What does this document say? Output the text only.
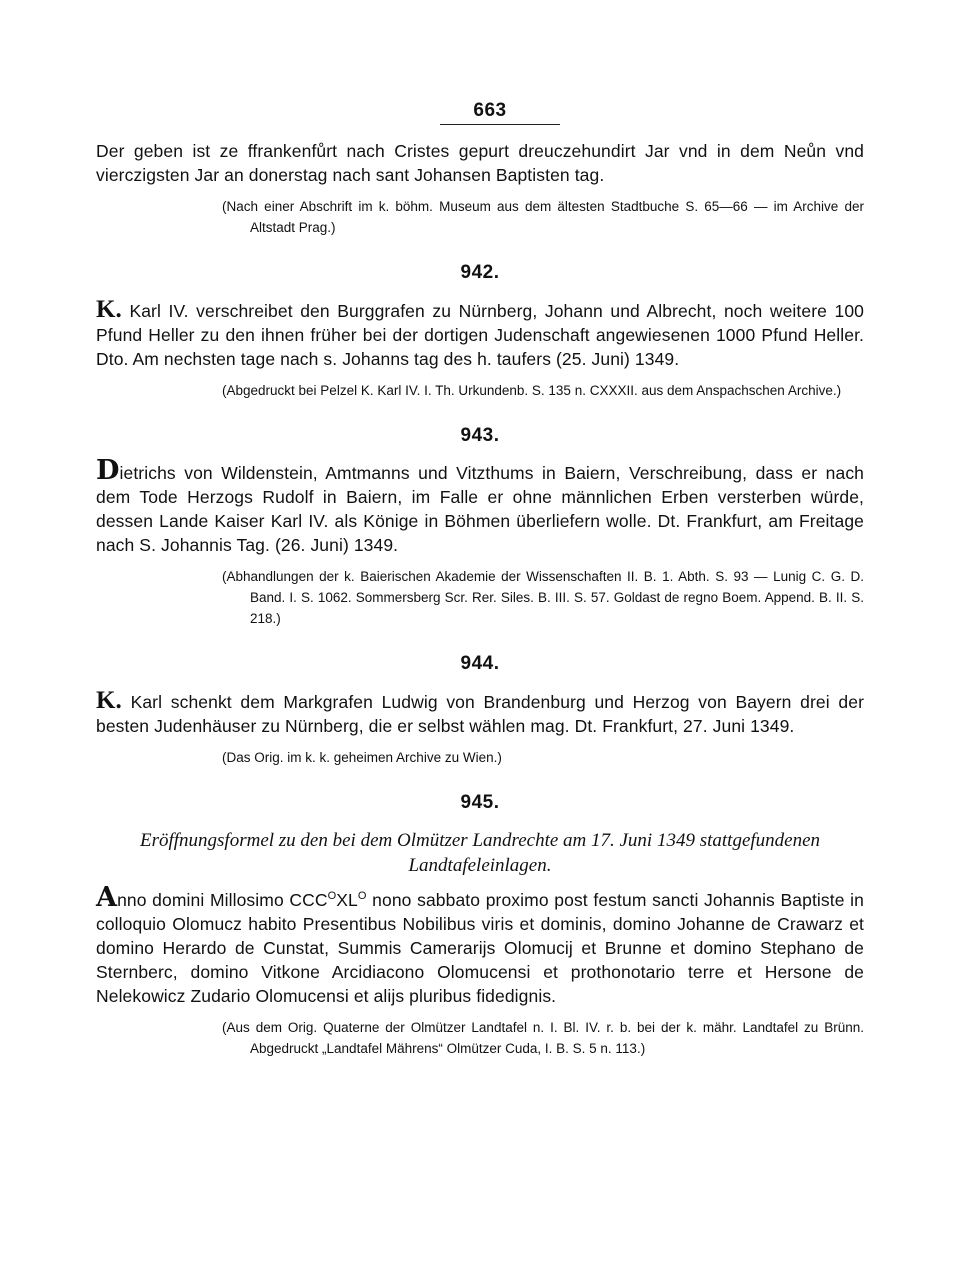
663

Der geben ist ze ffrankenfůrt nach Cristes gepurt dreuczehundirt Jar vnd in dem Neůn vnd vierczigsten Jar an donerstag nach sant Johansen Baptisten tag.

(Nach einer Abschrift im k. böhm. Museum aus dem ältesten Stadtbuche S. 65—66 — im Archive der Altstadt Prag.)

942.

K. Karl IV. verschreibet den Burggrafen zu Nürnberg, Johann und Albrecht, noch weitere 100 Pfund Heller zu den ihnen früher bei der dortigen Judenschaft angewiesenen 1000 Pfund Heller. Dto. Am nechsten tage nach s. Johanns tag des h. taufers (25. Juni) 1349.

(Abgedruckt bei Pelzel K. Karl IV. I. Th. Urkundenb. S. 135 n. CXXXII. aus dem Anspachschen Archive.)

943.

Dietrichs von Wildenstein, Amtmanns und Vitzthums in Baiern, Verschreibung, dass er nach dem Tode Herzogs Rudolf in Baiern, im Falle er ohne männlichen Erben versterben würde, dessen Lande Kaiser Karl IV. als Könige in Böhmen überliefern wolle. Dt. Frankfurt, am Freitage nach S. Johannis Tag. (26. Juni) 1349.

(Abhandlungen der k. Baierischen Akademie der Wissenschaften II. B. 1. Abth. S. 93 — Lunig C. G. D. Band. I. S. 1062. Sommersberg Scr. Rer. Siles. B. III. S. 57. Goldast de regno Boem. Append. B. II. S. 218.)

944.

K. Karl schenkt dem Markgrafen Ludwig von Brandenburg und Herzog von Bayern drei der besten Judenhäuser zu Nürnberg, die er selbst wählen mag. Dt. Frankfurt, 27. Juni 1349.

(Das Orig. im k. k. geheimen Archive zu Wien.)

945.

Eröffnungsformel zu den bei dem Olmützer Landrechte am 17. Juni 1349 stattgefundenen Landtafeleinlagen.

Anno domini Millosimo $CCC^OXL^O$ nono sabbato proximo post festum sancti Johannis Baptiste in colloquio Olomucz habito Presentibus Nobilibus viris et dominis, domino Johanne de Crawarz et domino Herardo de Cunstat, Summis Camerarijs Olomucij et Brunne et domino Stephano de Sternberc, domino Vitkone Arcidiacono Olomucensi et prothonotario terre et Hersone de Nelekowicz Zudario Olomucensi et alijs pluribus fidedignis.

(Aus dem Orig. Quaterne der Olmützer Landtafel n. I. Bl. IV. r. b. bei der k. mähr. Landtafel zu Brünn. Abgedruckt „Landtafel Mährens“ Olmützer Cuda, I. B. S. 5 n. 113.)
